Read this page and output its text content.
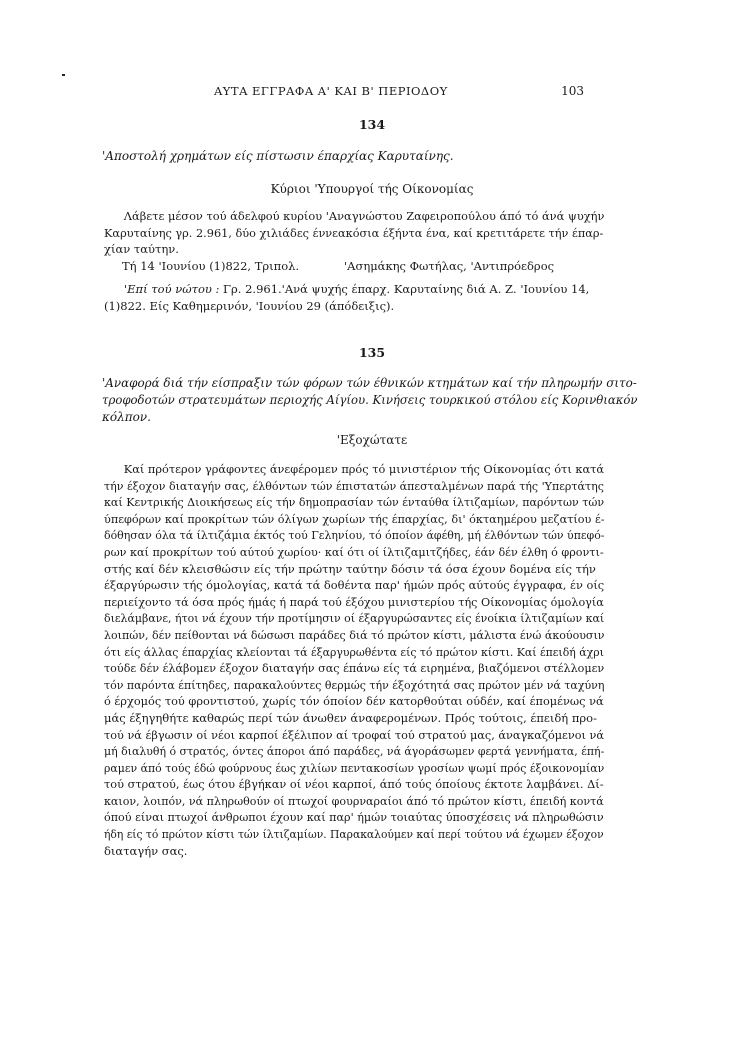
ΑΥΤΑ ΕΓΓΡΑΦΑ Α' ΚΑΙ Β' ΠΕΡΙΟΔΟΥ	103
134
'Αποστολή χρημάτων είς πίστωσιν έπαρχίας Καρυταίνης.
Κύριοι 'Υπουργοί τής Οίκονομίας
Λάβετε μέσον τού άδελφού κυρίου 'Αναγνώστου Ζαφειροπούλου άπό τό άνά ψυχήν
Καρυταίνης γρ. 2.961, δύο χιλιάδες έννεακόσια έξήντα ένα, καί κρετιτάρετε τήν έπαρ-
χίαν ταύτην.
Τή 14 'Ιουνίου (1)822, Τριπολ.	'Ασημάκης Φωτήλας, 'Αντιπρόεδρος
'Επί τού νώτου : Γρ. 2.961.'Ανά ψυχής έπαρχ. Καρυταίνης διά Α. Ζ. 'Ιουνίου 14,
(1)822. Είς Καθημερινόν, 'Ιουνίου 29 (άπόδειξις).
135
'Αναφορά διά τήν είσπραξιν τών φόρων τών έθνικών κτημάτων καί τήν πληρωμήν σιτο-
τροφοδοτών στρατευμάτων περιοχής Αίγίου. Κινήσεις τουρκικού στόλου είς Κορινθιακόν
κόλπον.
'Εξοχώτατε
Καί πρότερον γράφοντες άνεφέρομεν πρός τό μινιστέριον τής Οίκονομίας ότι κατά
τήν έξοχον διαταγήν σας, έλθόντων τών έπιστατών άπεσταλμένων παρά τής 'Υπερτάτης
καί Κεντρικής Διοικήσεως είς τήν δημοπρασίαν τών ένταύθα ίλτιζαμίων, παρόντων τών
ύπεφόρων καί προκρίτων τών όλίγων χωρίων τής έπαρχίας, δι' όκταημέρου μεζατίου έ-
δόθησαν όλα τά ίλτιζάμια έκτός τού Γεληνίου, τό όποίον άφέθη, μή έλθόντων τών ύπεφό-
ρων καί προκρίτων τού αύτού χωρίου· καί ότι οί ίλτιζαμιτζήδες, έάν δέν έλθη ό φροντι-
στής καί δέν κλεισθώσιν είς τήν πρώτην ταύτην δόσιν τά όσα έχουν δομένα είς τήν
έξαργύρωσιν τής όμολογίας, κατά τά δοθέντα παρ' ήμών πρός αύτούς έγγραφα, έν οίς
περιείχοντο τά όσα πρός ήμάς ή παρά τού έξόχου μινιστερίου τής Οίκονομίας όμολογία
διελάμβανε, ήτοι νά έχουν τήν προτίμησιν οί έξαργυρώσαντες είς ένοίκια ίλτιζαμίων καί
λοιπών, δέν πείθονται νά δώσωσι παράδες διά τό πρώτον κίστι, μάλιστα ένώ άκούουσιν
ότι είς άλλας έπαρχίας κλείονται τά έξαργυρωθέντα είς τό πρώτον κίστι. Καί έπειδή άχρι
τούδε δέν έλάβομεν έξοχον διαταγήν σας έπάνω είς τά ειρημένα, βιαζόμενοι στέλλομεν
τόν παρόντα έπίτηδες, παρακαλούντες θερμώς τήν έξοχότητά σας πρώτον μέν νά ταχύνη
ό έρχομός τού φροντιστού, χωρίς τόν όποίον δέν κατορθούται ούδέν, καί έπομένως νά
μάς έξηγηθήτε καθαρώς περί τών άνωθεν άναφερομένων. Πρός τούτοις, έπειδή προ-
τού νά έβγωσιν οί νέοι καρποί έξέλιπον αί τροφαί τού στρατού μας, άναγκαζόμενοι νά
μή διαλυθή ό στρατός, όντες άποροι άπό παράδες, νά άγοράσωμεν φερτά γεννήματα, έπή-
ραμεν άπό τούς έδώ φούρνους έως χιλίων πεντακοσίων γροσίων ψωμί πρός έξοικονομίαν
τού στρατού, έως ότου έβγήκαν οί νέοι καρποί, άπό τούς όποίους έκτοτε λαμβάνει. Δί-
καιον, λοιπόν, νά πληρωθούν οί πτωχοί φουρναραίοι άπό τό πρώτον κίστι, έπειδή κοντά
όπού είναι πτωχοί άνθρωποι έχουν καί παρ' ήμών τοιαύτας ύποσχέσεις νά πληρωθώσιν
ήδη είς τό πρώτον κίστι τών ίλτιζαμίων. Παρακαλούμεν καί περί τούτου νά έχωμεν έξοχον
διαταγήν σας.
